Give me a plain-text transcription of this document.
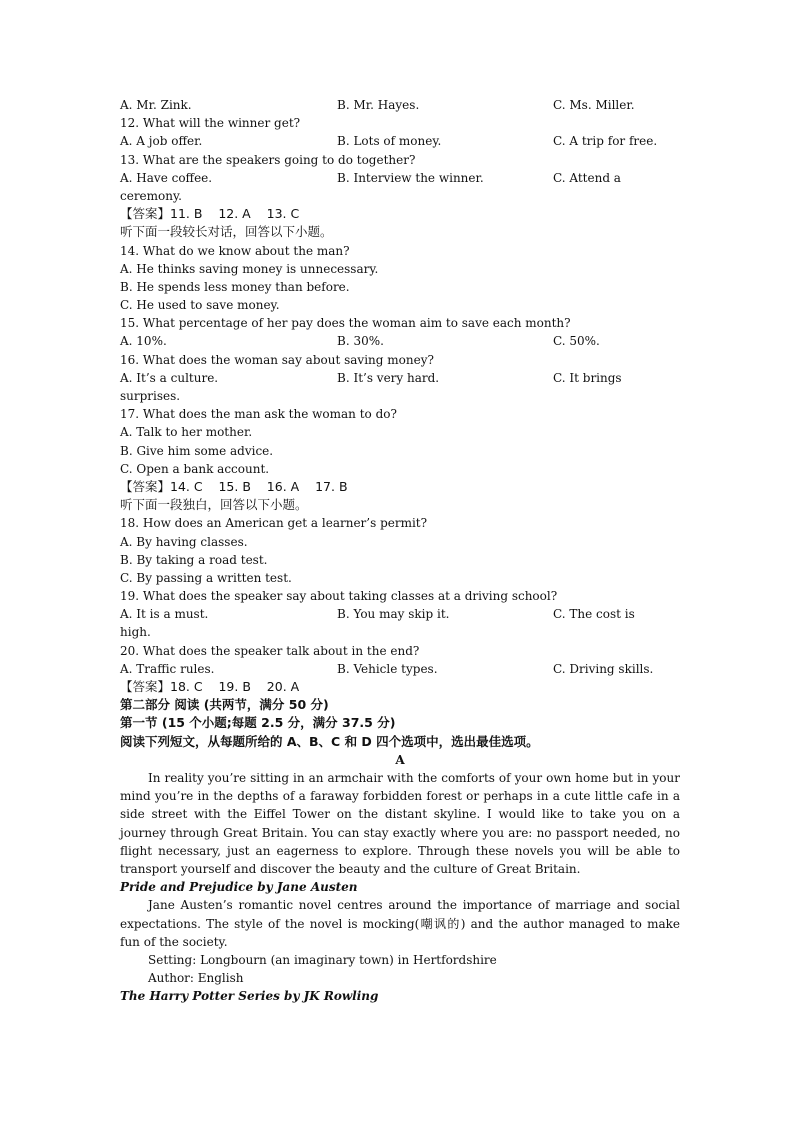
A. Mr. Zink.	B. Mr. Hayes.	C. Ms. Miller.
12. What will the winner get?
A. A job offer.	B. Lots of money.	C. A trip for free.
13. What are the speakers going to do together?
A. Have coffee.	B. Interview the winner.	C. Attend a
ceremony.
【答案】11. B    12. A    13. C
听下面一段较长对话，回答以下小题。
14. What do we know about the man?
A. He thinks saving money is unnecessary.
B. He spends less money than before.
C. He used to save money.
15. What percentage of her pay does the woman aim to save each month?
A. 10%.	B. 30%.	C. 50%.
16. What does the woman say about saving money?
A. It’s a culture.	B. It’s very hard.	C. It brings
surprises.
17. What does the man ask the woman to do?
A. Talk to her mother.
B. Give him some advice.
C. Open a bank account.
【答案】14. C    15. B    16. A    17. B
听下面一段独白，回答以下小题。
18. How does an American get a learner’s permit?
A. By having classes.
B. By taking a road test.
C. By passing a written test.
19. What does the speaker say about taking classes at a driving school?
A. It is a must.	B. You may skip it.	C. The cost is
high.
20. What does the speaker talk about in the end?
A. Traffic rules.	B. Vehicle types.	C. Driving skills.
【答案】18. C    19. B    20. A
第二部分 阅读 (共两节，满分 50 分)
第一节 (15 个小题;每题 2.5 分，满分 37.5 分)
阅读下列短文，从每题所给的 A、B、C 和 D 四个选项中，选出最佳选项。
A
In reality you’re sitting in an armchair with the comforts of your own home but in your mind you’re in the depths of a faraway forbidden forest or perhaps in a cute little cafe in a side street with the Eiffel Tower on the distant skyline. I would like to take you on a journey through Great Britain. You can stay exactly where you are: no passport needed, no flight necessary, just an eagerness to explore. Through these novels you will be able to transport yourself and discover the beauty and the culture of Great Britain.
Pride and Prejudice by Jane Austen
Jane Austen’s romantic novel centres around the importance of marriage and social expectations. The style of the novel is mocking(嘲讽的) and the author managed to make fun of the society.
Setting: Longbourn (an imaginary town) in Hertfordshire
Author: English
The Harry Potter Series by JK Rowling
